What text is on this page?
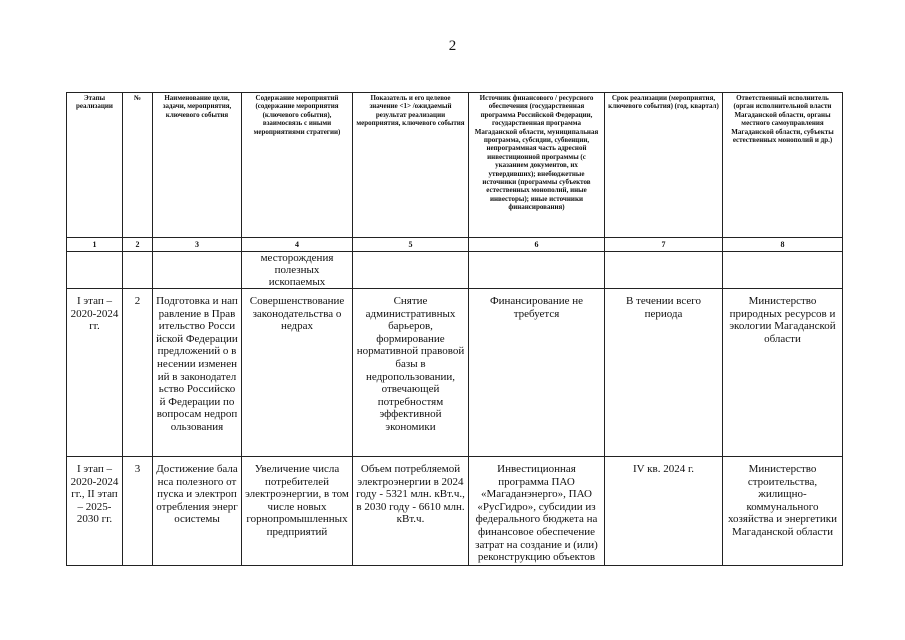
2
Этапы реализации	№	Наименование цели, задачи, мероприятия, ключевого события	Содержание мероприятий (содержание мероприятия (ключевого события), взаимосвязь с иными мероприятиями стратегии)	Показатель и его целевое значение <1> /ожидаемый результат реализации мероприятия, ключевого события	Источник финансового / ресурсного обеспечения (государственная программа Российской Федерации, государственная программа Магаданской области, муниципальная программа, субсидии, субвенции, непрограммная часть адресной инвестиционной программы (с указанием документов, их утвердивших); внебюджетные источники (программы субъектов естественных монополий, иные инвесторы); иные источники финансирования)	Срок реализации (мероприятия, ключевого события) (год, квартал)	Ответственный исполнитель (орган исполнительной власти Магаданской области, органы местного самоуправления Магаданской области, субъекты естественных монополий и др.)
1	2	3	4	5	6	7	8
			месторождения полезных ископаемых				
I этап – 2020-2024 гг.	2	Подготовка и направление в Правительство Российской Федерации предложений о внесении изменений в законодательство Российской Федерации по вопросам недропользования	Совершенствование законодательства о недрах	Снятие административных барьеров, формирование нормативной правовой базы в недропользовании, отвечающей потребностям эффективной экономики	Финансирование не требуется	В течении всего периода	Министерство природных ресурсов и экологии Магаданской области
I этап – 2020-2024 гг., II этап – 2025-2030 гг.	3	Достижение баланса полезного отпуска и электропотребления энергосистемы	Увеличение числа потребителей электроэнергии, в том числе новых горнопромышленных предприятий	Объем потребляемой электроэнергии в 2024 году - 5321 млн. кВт.ч., в 2030 году - 6610 млн. кВт.ч.	Инвестиционная программа ПАО «Магаданэнерго», ПАО «РусГидро», субсидии из федерального бюджета на финансовое обеспечение затрат на создание и (или) реконструкцию объектов	IV кв. 2024 г.	Министерство строительства, жилищно-коммунального хозяйства и энергетики Магаданской области
